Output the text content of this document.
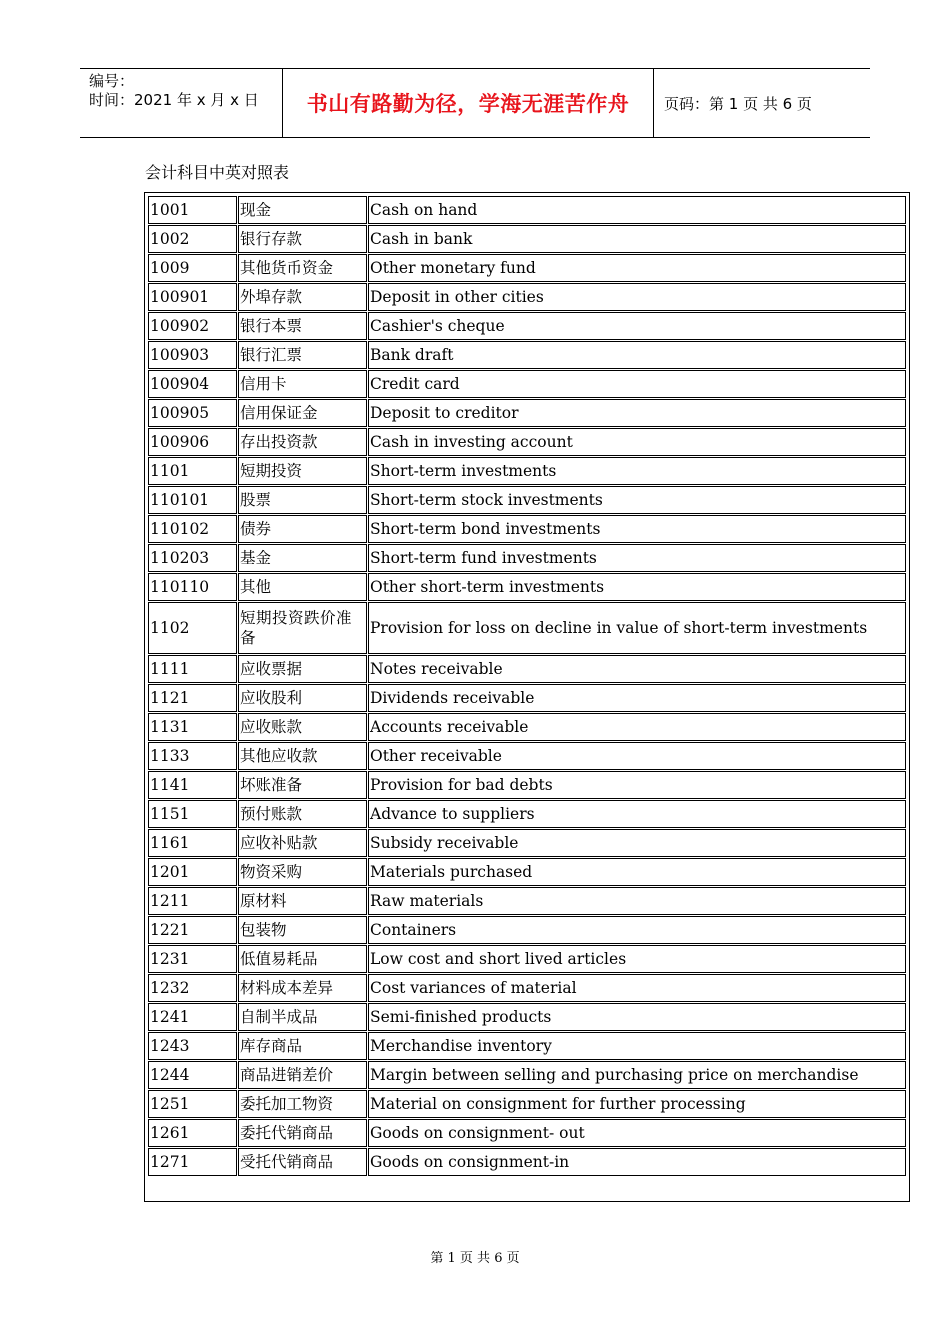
编号：
时间：2021 年 x 月 x 日	书山有路勤为径，学海无涯苦作舟	页码：第 1 页 共 6 页
会计科目中英对照表
1001	现金	Cash on hand
1002	银行存款	Cash in bank
1009	其他货币资金	Other monetary fund
100901	外埠存款	Deposit in other cities
100902	银行本票	Cashier's cheque
100903	银行汇票	Bank draft
100904	信用卡	Credit card
100905	信用保证金	Deposit to creditor
100906	存出投资款	Cash in investing account
1101	短期投资	Short-term investments
110101	股票	Short-term stock investments
110102	债券	Short-term bond investments
110203	基金	Short-term fund investments
110110	其他	Other short-term investments
1102	短期投资跌价准备	Provision for loss on decline in value of short-term investments
1111	应收票据	Notes receivable
1121	应收股利	Dividends receivable
1131	应收账款	Accounts receivable
1133	其他应收款	Other receivable
1141	坏账准备	Provision for bad debts
1151	预付账款	Advance to suppliers
1161	应收补贴款	Subsidy receivable
1201	物资采购	Materials purchased
1211	原材料	Raw materials
1221	包装物	Containers
1231	低值易耗品	Low cost and short lived articles
1232	材料成本差异	Cost variances of material
1241	自制半成品	Semi-finished products
1243	库存商品	Merchandise inventory
1244	商品进销差价	Margin between selling and purchasing price on merchandise
1251	委托加工物资	Material on consignment for further processing
1261	委托代销商品	Goods on consignment- out
1271	受托代销商品	Goods on consignment-in
第 1 页 共 6 页
